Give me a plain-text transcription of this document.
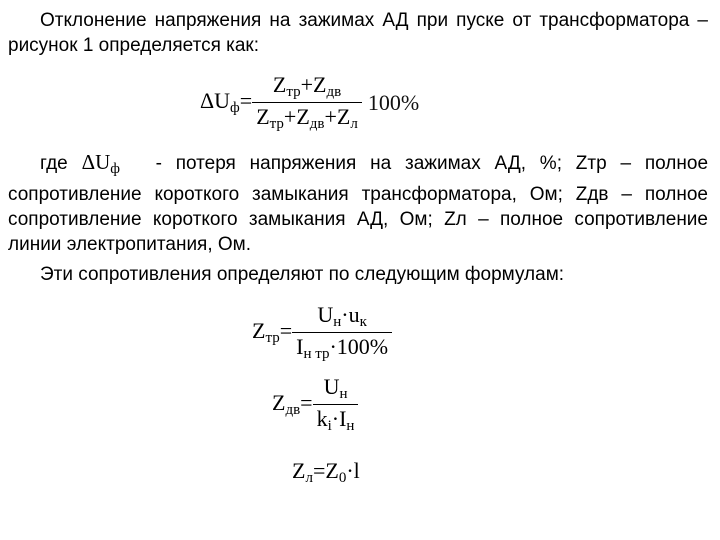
Отклонение напряжения на зажимах АД при пуске от трансформатора – рисунок 1 определяется как:

$\Delta U_ф= \frac{Z_{тр}+Z_{дв}}{Z_{тр}+Z_{дв}+Z_л} 100\%$

где $\Delta U_ф$ - потеря напряжения на зажимах АД, %; Zтр – полное сопротивление короткого замыкания трансформатора, Ом; Zдв – полное сопротивление короткого замыкания АД, Ом; Zл – полное сопротивление линии электропитания, Ом.

Эти сопротивления определяют по следующим формулам:

$Z_{тр}= \frac{U_н\cdot u_к}{I_{н тр}\cdot 100\%}$
$Z_{дв}= \frac{U_н}{k_i\cdot I_н}$
$Z_л=Z_0\cdot l$
